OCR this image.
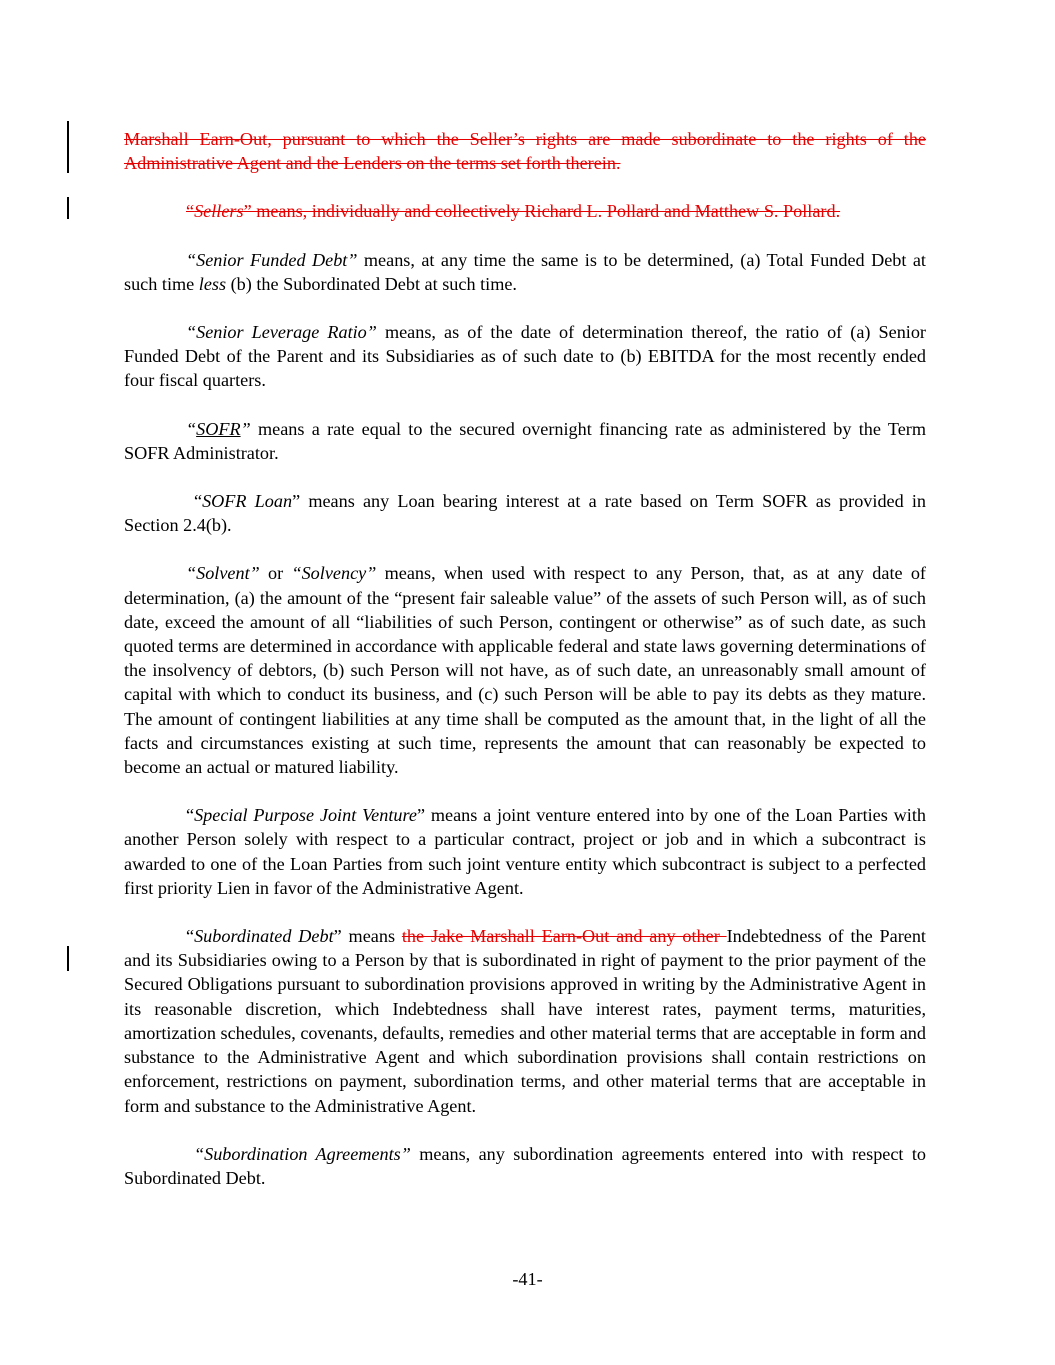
Marshall Earn-Out, pursuant to which the Seller’s rights are made subordinate to the rights of the Administrative Agent and the Lenders on the terms set forth therein.

“Sellers” means, individually and collectively Richard L. Pollard and Matthew S. Pollard.

“Senior Funded Debt” means, at any time the same is to be determined, (a) Total Funded Debt at such time less (b) the Subordinated Debt at such time.

“Senior Leverage Ratio” means, as of the date of determination thereof, the ratio of (a) Senior Funded Debt of the Parent and its Subsidiaries as of such date to (b) EBITDA for the most recently ended four fiscal quarters.

“SOFR” means a rate equal to the secured overnight financing rate as administered by the Term SOFR Administrator.

“SOFR Loan” means any Loan bearing interest at a rate based on Term SOFR as provided in Section 2.4(b).

“Solvent” or “Solvency” means, when used with respect to any Person, that, as at any date of determination, (a) the amount of the “present fair saleable value” of the assets of such Person will, as of such date, exceed the amount of all “liabilities of such Person, contingent or otherwise” as of such date, as such quoted terms are determined in accordance with applicable federal and state laws governing determinations of the insolvency of debtors, (b) such Person will not have, as of such date, an unreasonably small amount of capital with which to conduct its business, and (c) such Person will be able to pay its debts as they mature. The amount of contingent liabilities at any time shall be computed as the amount that, in the light of all the facts and circumstances existing at such time, represents the amount that can reasonably be expected to become an actual or matured liability.

“Special Purpose Joint Venture” means a joint venture entered into by one of the Loan Parties with another Person solely with respect to a particular contract, project or job and in which a subcontract is awarded to one of the Loan Parties from such joint venture entity which subcontract is subject to a perfected first priority Lien in favor of the Administrative Agent.

“Subordinated Debt” means the Jake Marshall Earn-Out and any other Indebtedness of the Parent and its Subsidiaries owing to a Person by that is subordinated in right of payment to the prior payment of the Secured Obligations pursuant to subordination provisions approved in writing by the Administrative Agent in its reasonable discretion, which Indebtedness shall have interest rates, payment terms, maturities, amortization schedules, covenants, defaults, remedies and other material terms that are acceptable in form and substance to the Administrative Agent and which subordination provisions shall contain restrictions on enforcement, restrictions on payment, subordination terms, and other material terms that are acceptable in form and substance to the Administrative Agent.

“Subordination Agreements” means, any subordination agreements entered into with respect to Subordinated Debt.

-41-
